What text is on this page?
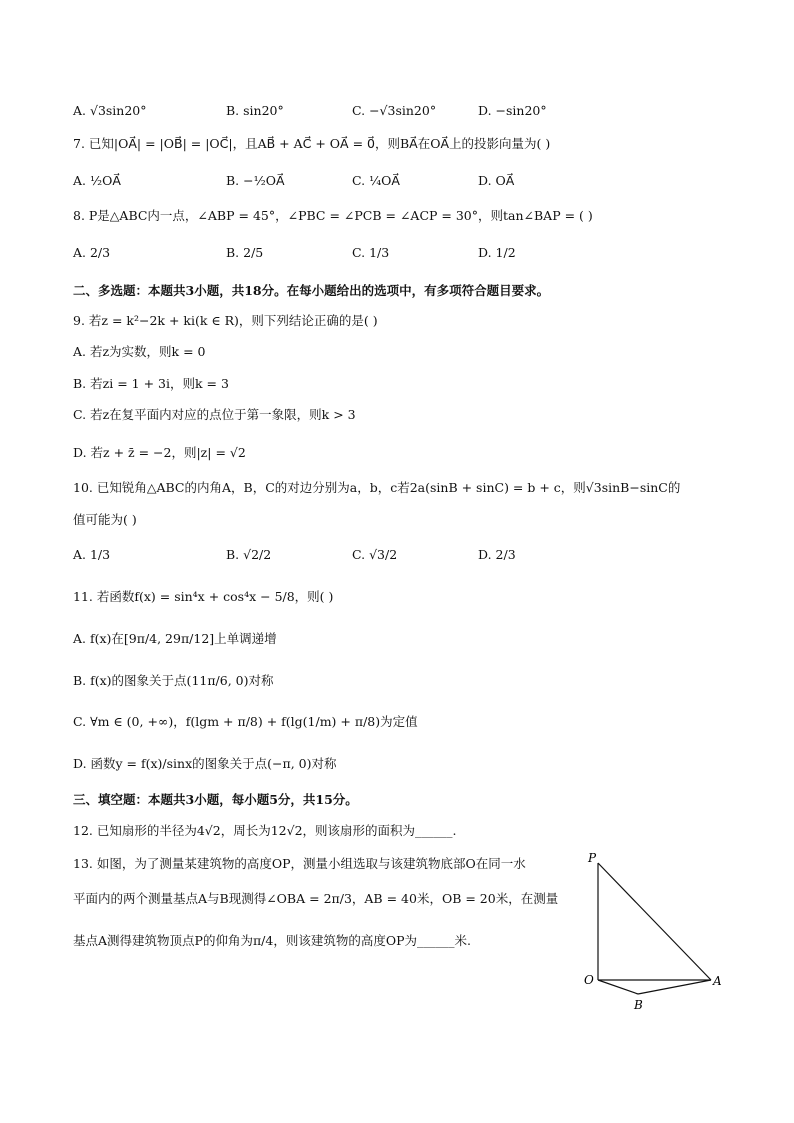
A. √3sin20°	B. sin20°	C. −√3sin20°	D. −sin20°
7. 已知|OA⃗| = |OB⃗| = |OC⃗|，且AB⃗ + AC⃗ + OA⃗ = 0⃗，则BA⃗在OA⃗上的投影向量为( )
A. ½OA⃗	B. −½OA⃗	C. ¼OA⃗	D. OA⃗
8. P是△ABC内一点，∠ABP = 45°，∠PBC = ∠PCB = ∠ACP = 30°，则tan∠BAP = ( )
A. 2/3	B. 2/5	C. 1/3	D. 1/2
二、多选题：本题共3小题，共18分。在每小题给出的选项中，有多项符合题目要求。
9. 若z = k²−2k + ki(k ∈ R)，则下列结论正确的是( )
A. 若z为实数，则k = 0
B. 若zi = 1 + 3i，则k = 3
C. 若z在复平面内对应的点位于第一象限，则k > 3
D. 若z + z̄ = −2，则|z| = √2
10. 已知锐角△ABC的内角A，B，C的对边分别为a，b，c若2a(sinB + sinC) = b + c，则√3sinB−sinC的
值可能为( )
A. 1/3	B. √2/2	C. √3/2	D. 2/3
11. 若函数f(x) = sin⁴x + cos⁴x − 5/8，则( )
A. f(x)在[9π/4, 29π/12]上单调递增
B. f(x)的图象关于点(11π/6, 0)对称
C. ∀m ∈ (0, +∞)，f(lgm + π/8) + f(lg(1/m) + π/8)为定值
D. 函数y = f(x)/sinx的图象关于点(−π, 0)对称
三、填空题：本题共3小题，每小题5分，共15分。
12. 已知扇形的半径为4√2，周长为12√2，则该扇形的面积为______.
13. 如图，为了测量某建筑物的高度OP，测量小组选取与该建筑物底部O在同一水
平面内的两个测量基点A与B现测得∠OBA = 2π/3，AB = 40米，OB = 20米，在测量
基点A测得建筑物顶点P的仰角为π/4，则该建筑物的高度OP为______米.
P
O	A
B
